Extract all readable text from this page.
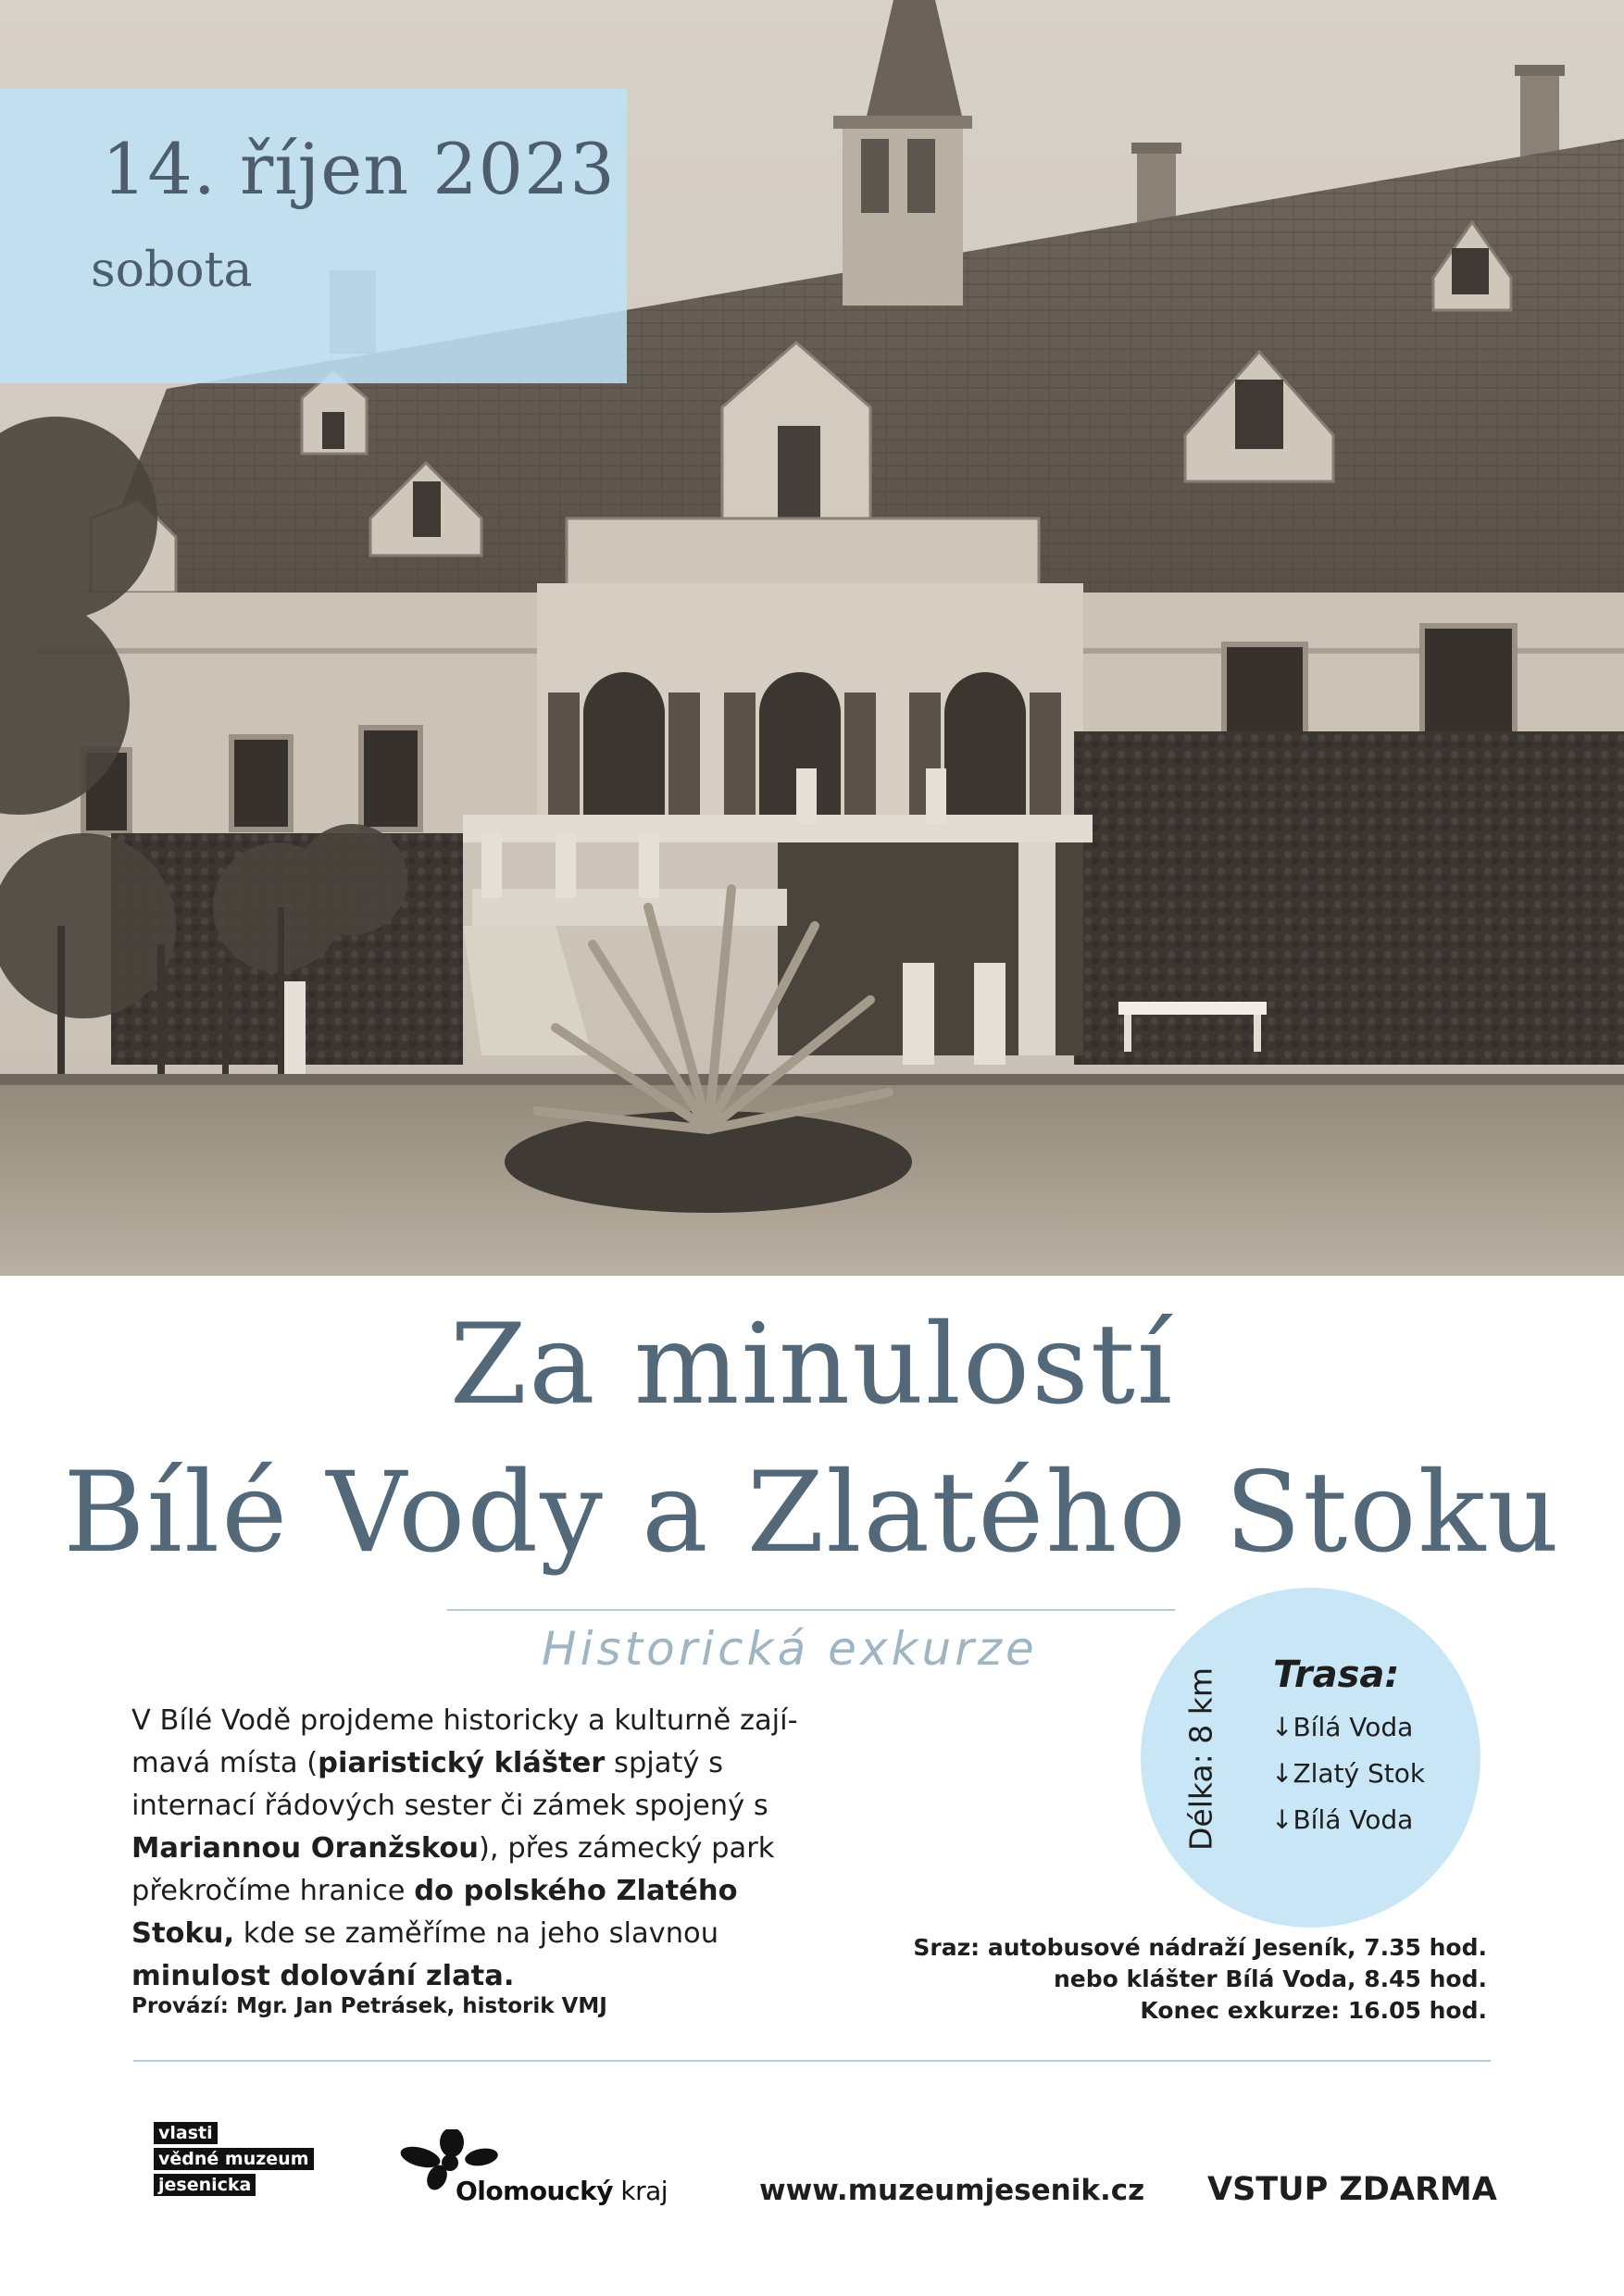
14. říjen 2023
sobota
Za minulostí
Bílé Vody a Zlatého Stoku
Historická exkurze
V Bílé Vodě projdeme historicky a kulturně zají- mavá místa (piaristický klášter spjatý s internací řádových sester či zámek spojený s Mariannou Oranžskou), přes zámecký park překročíme hranice do polského Zlatého Stoku, kde se zaměříme na jeho slavnou minulost dolování zlata.
Provází: Mgr. Jan Petrásek, historik VMJ
Délka: 8 km Trasa:
↓Bílá Voda
↓Zlatý Stok
↓Bílá Voda
Sraz: autobusové nádraží Jeseník, 7.35 hod.
nebo klášter Bílá Voda, 8.45 hod.
Konec exkurze: 16.05 hod.
vlasti
vědné muzeum
jesenicka	Olomoucký kraj	www.muzeumjesenik.cz VSTUP ZDARMA
